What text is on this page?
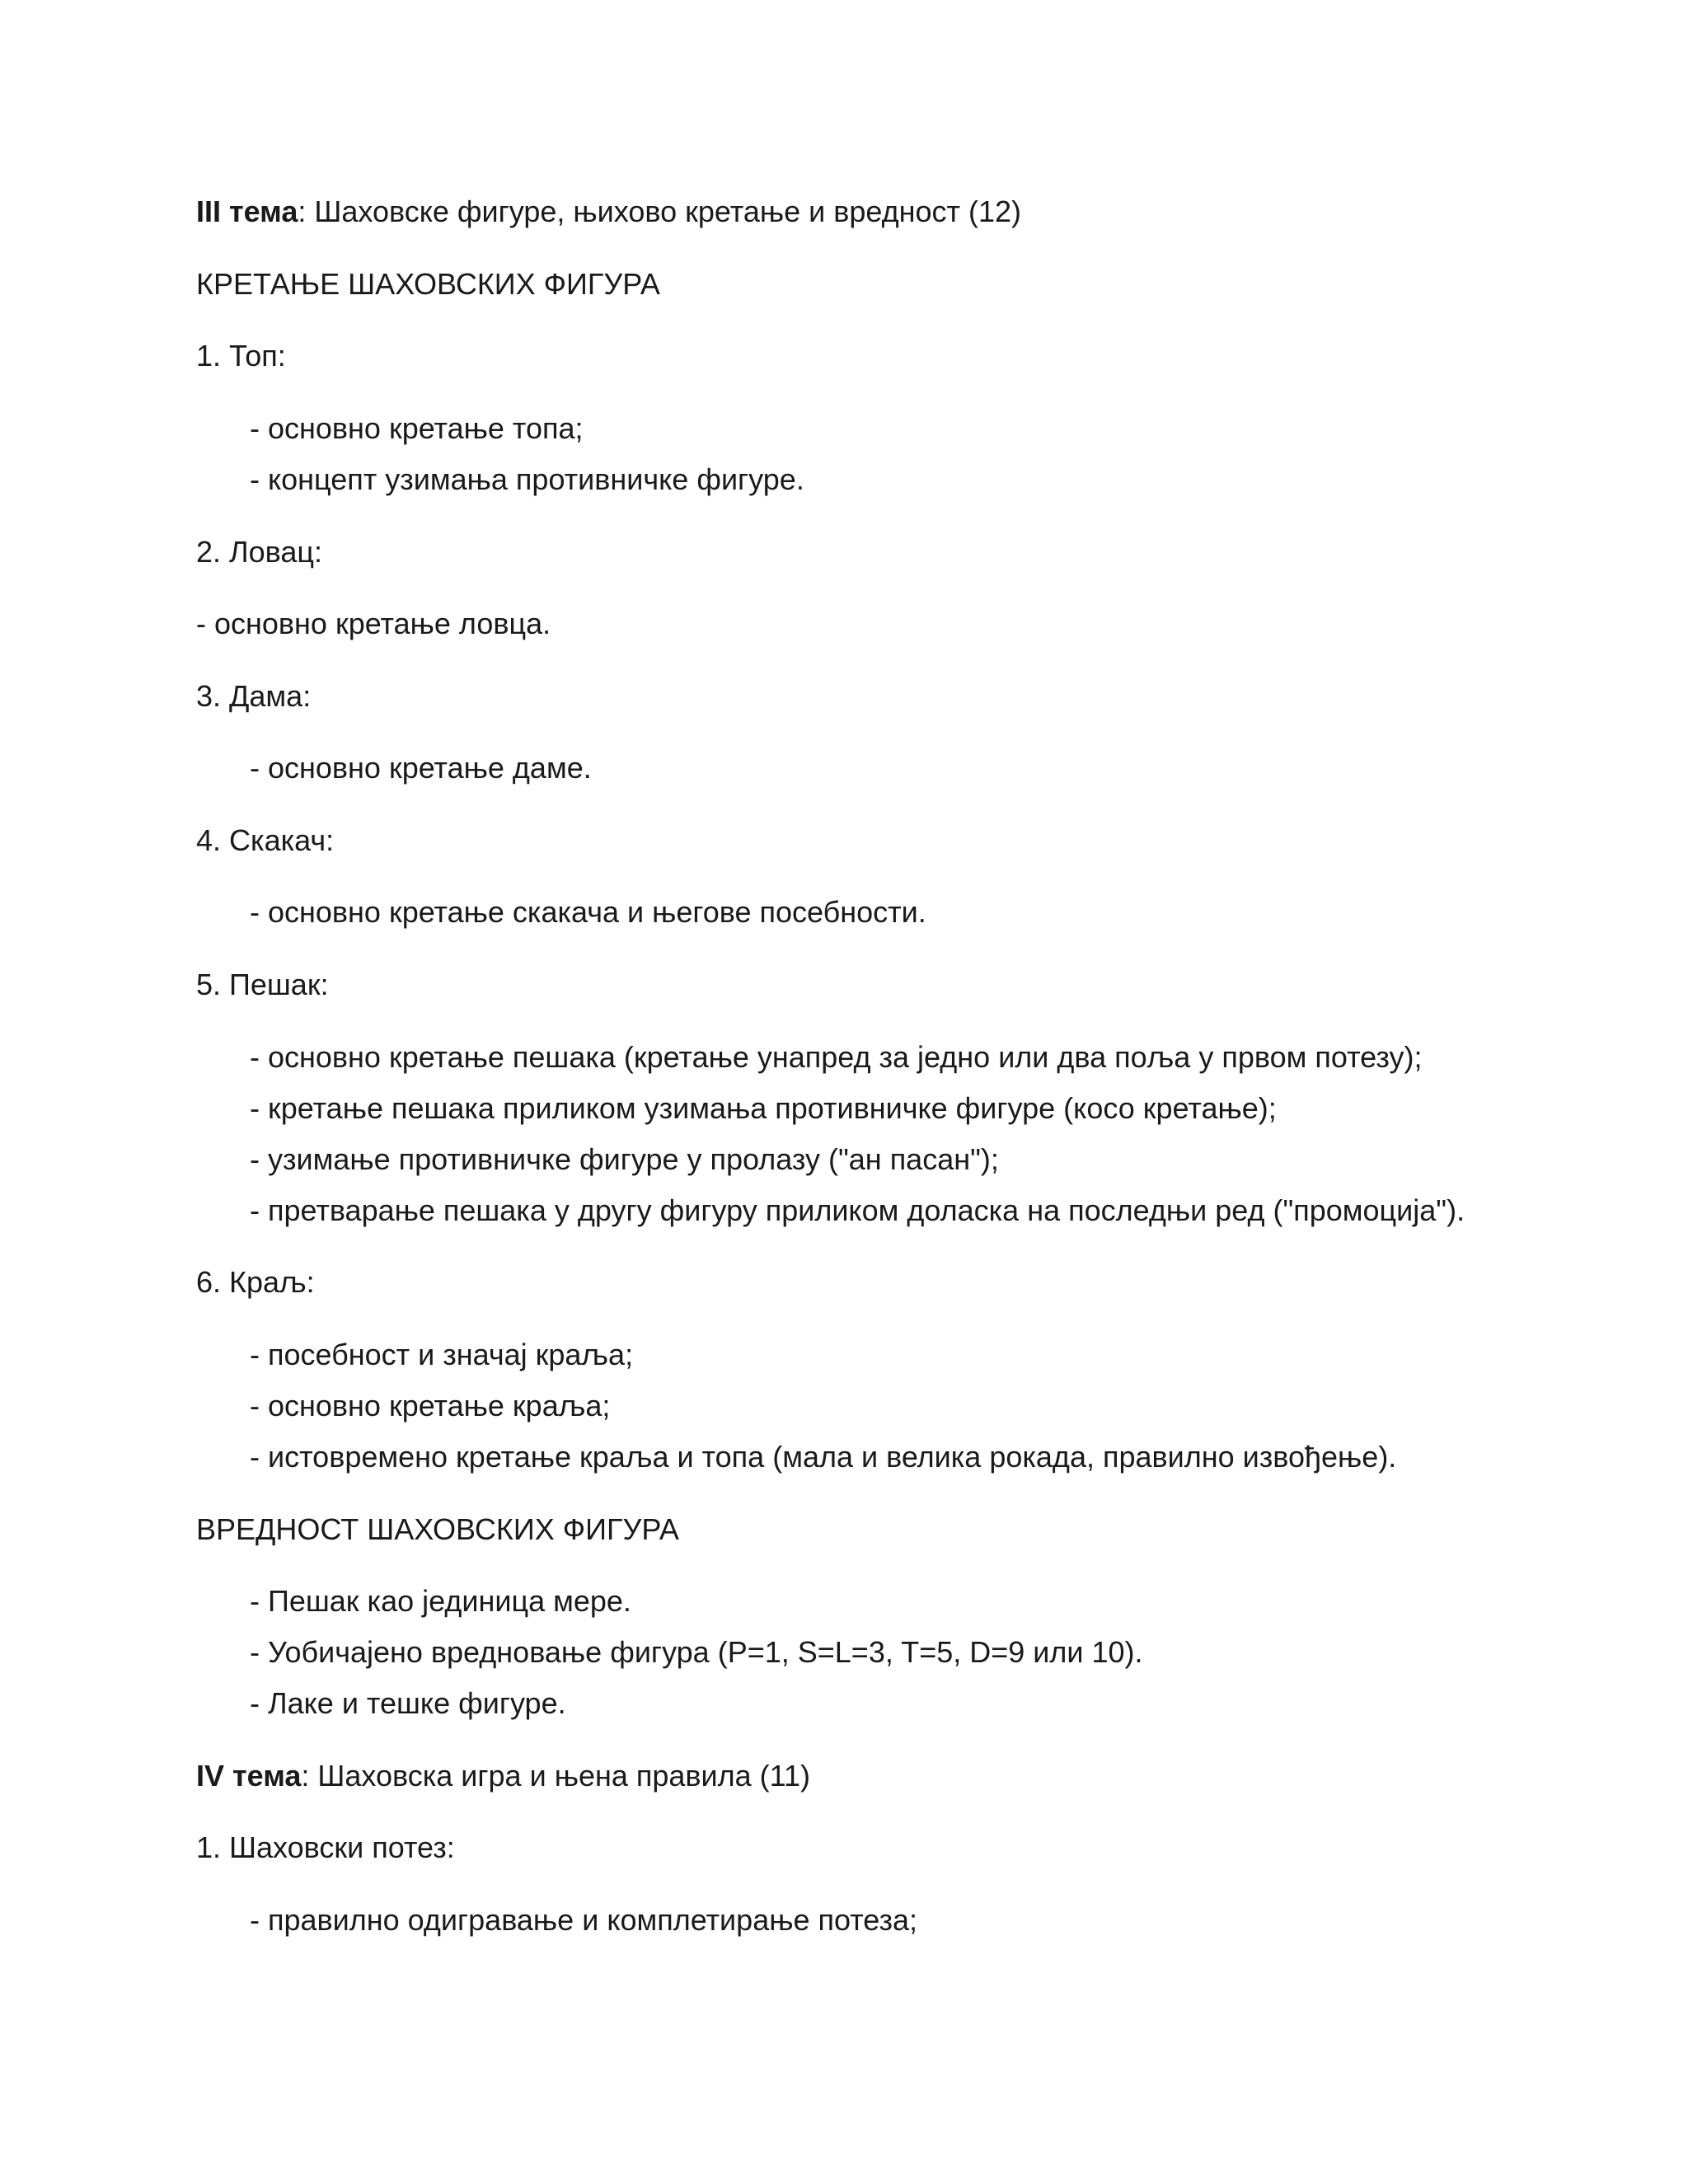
III тема: Шаховске фигуре, њихово кретање и вредност (12)
КРЕТАЊЕ ШАХОВСКИХ ФИГУРА
1. Топ:
- основно кретање топа;
- концепт узимања противничке фигуре.
2. Ловац:
- основно кретање ловца.
3. Дама:
- основно кретање даме.
4. Скакач:
- основно кретање скакача и његове посебности.
5. Пешак:
- основно кретање пешака (кретање унапред за једно или два поља у првом потезу);
- кретање пешака приликом узимања противничке фигуре (косо кретање);
- узимање противничке фигуре у пролазу ("ан пасан");
- претварање пешака у другу фигуру приликом доласка на последњи ред ("промоција").
6. Краљ:
- посебност и значај краља;
- основно кретање краља;
- истовремено кретање краља и топа (мала и велика рокада, правилно извођење).
ВРЕДНОСТ ШАХОВСКИХ ФИГУРА
- Пешак као јединица мере.
- Уобичајено вредновање фигура (P=1, S=L=3, T=5, D=9 или 10).
- Лаке и тешке фигуре.
IV тема: Шаховска игра и њена правила (11)
1. Шаховски потез:
- правилно одигравање и комплетирање потеза;
